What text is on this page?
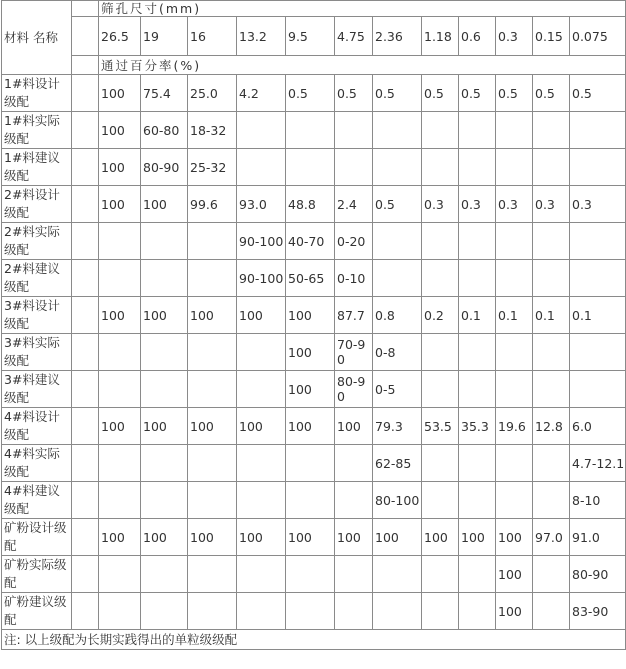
材料 名称		筛孔尺寸(mm)											
		26.5	19	16	13.2	9.5	4.75	2.36	1.18	0.6	0.3	0.15	0.075
		通过百分率(%)											
1#料设计级配		100	75.4	25.0	4.2	0.5	0.5	0.5	0.5	0.5	0.5	0.5	0.5
1#料实际级配		100	60-80	18-32									
1#料建议级配		100	80-90	25-32									
2#料设计级配		100	100	99.6	93.0	48.8	2.4	0.5	0.3	0.3	0.3	0.3	0.3
2#料实际级配					90-100	40-70	0-20						
2#料建议级配					90-100	50-65	0-10						
3#料设计级配		100	100	100	100	100	87.7	0.8	0.2	0.1	0.1	0.1	0.1
3#料实际级配						100	70-90	0-8					
3#料建议级配						100	80-90	0-5					
4#料设计级配		100	100	100	100	100	100	79.3	53.5	35.3	19.6	12.8	6.0
4#料实际级配								62-85					4.7-12.1
4#料建议级配								80-100					8-10
矿粉设计级配		100	100	100	100	100	100	100	100	100	100	97.0	91.0
矿粉实际级配											100		80-90
矿粉建议级配											100		83-90
注: 以上级配为长期实践得出的单粒级级配													
